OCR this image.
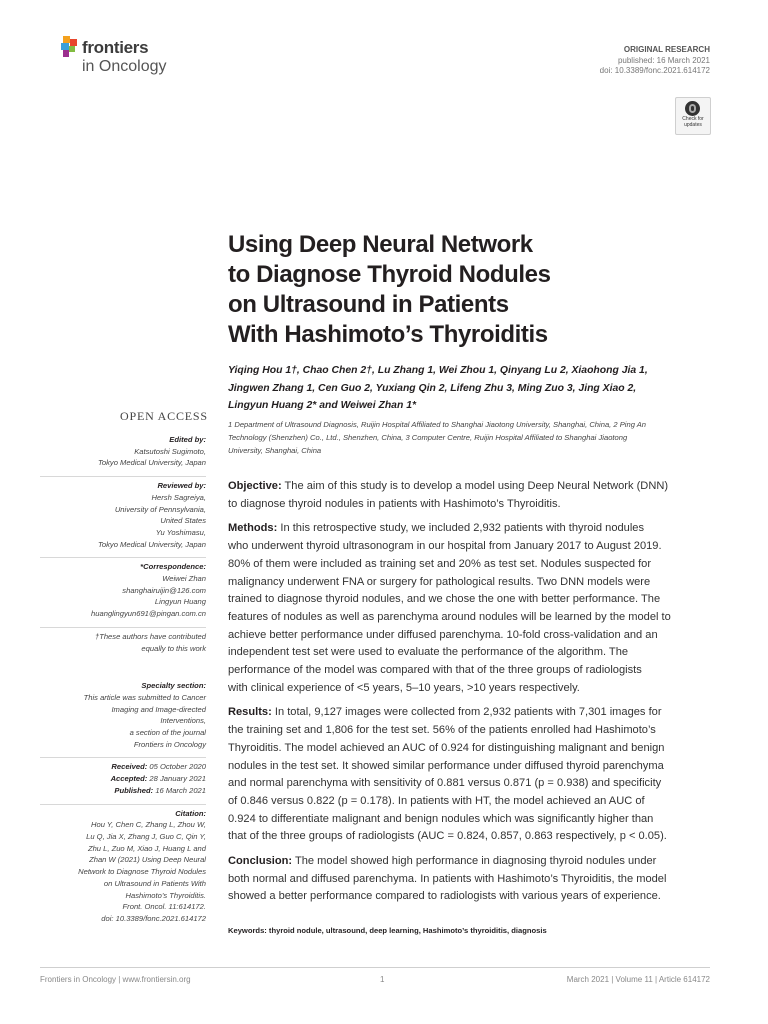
frontiers
in Oncology
ORIGINAL RESEARCH
published: 16 March 2021
doi: 10.3389/fonc.2021.614172
Check for updates
Using Deep Neural Network
to Diagnose Thyroid Nodules
on Ultrasound in Patients
With Hashimoto’s Thyroiditis
Yiqing Hou 1†, Chao Chen 2†, Lu Zhang 1, Wei Zhou 1, Qinyang Lu 2, Xiaohong Jia 1,
Jingwen Zhang 1, Cen Guo 2, Yuxiang Qin 2, Lifeng Zhu 3, Ming Zuo 3, Jing Xiao 2,
Lingyun Huang 2* and Weiwei Zhan 1*
1 Department of Ultrasound Diagnosis, Ruijin Hospital Affiliated to Shanghai Jiaotong University, Shanghai, China, 2 Ping An
Technology (Shenzhen) Co., Ltd., Shenzhen, China, 3 Computer Centre, Ruijin Hospital Affiliated to Shanghai Jiaotong
University, Shanghai, China
OPEN ACCESS
Edited by:
Katsutoshi Sugimoto,
Tokyo Medical University, Japan
Reviewed by:
Hersh Sagreiya,
University of Pennsylvania,
United States
Yu Yoshimasu,
Tokyo Medical University, Japan
*Correspondence:
Weiwei Zhan
shanghairuijin@126.com
Lingyun Huang
huanglingyun691@pingan.com.cn
†These authors have contributed
equally to this work
Specialty section:
This article was submitted to Cancer
Imaging and Image-directed
Interventions,
a section of the journal
Frontiers in Oncology
Received: 05 October 2020
Accepted: 28 January 2021
Published: 16 March 2021
Citation:
Hou Y, Chen C, Zhang L, Zhou W,
Lu Q, Jia X, Zhang J, Guo C, Qin Y,
Zhu L, Zuo M, Xiao J, Huang L and
Zhan W (2021) Using Deep Neural
Network to Diagnose Thyroid Nodules
on Ultrasound in Patients With
Hashimoto’s Thyroiditis.
Front. Oncol. 11:614172.
doi: 10.3389/fonc.2021.614172

Objective: The aim of this study is to develop a model using Deep Neural Network (DNN)
to diagnose thyroid nodules in patients with Hashimoto’s Thyroiditis.

Methods: In this retrospective study, we included 2,932 patients with thyroid nodules
who underwent thyroid ultrasonogram in our hospital from January 2017 to August 2019.
80% of them were included as training set and 20% as test set. Nodules suspected for
malignancy underwent FNA or surgery for pathological results. Two DNN models were
trained to diagnose thyroid nodules, and we chose the one with better performance. The
features of nodules as well as parenchyma around nodules will be learned by the model to
achieve better performance under diffused parenchyma. 10-fold cross-validation and an
independent test set were used to evaluate the performance of the algorithm. The
performance of the model was compared with that of the three groups of radiologists
with clinical experience of <5 years, 5–10 years, >10 years respectively.

Results: In total, 9,127 images were collected from 2,932 patients with 7,301 images for
the training set and 1,806 for the test set. 56% of the patients enrolled had Hashimoto’s
Thyroiditis. The model achieved an AUC of 0.924 for distinguishing malignant and benign
nodules in the test set. It showed similar performance under diffused thyroid parenchyma
and normal parenchyma with sensitivity of 0.881 versus 0.871 (p = 0.938) and specificity
of 0.846 versus 0.822 (p = 0.178). In patients with HT, the model achieved an AUC of
0.924 to differentiate malignant and benign nodules which was significantly higher than
that of the three groups of radiologists (AUC = 0.824, 0.857, 0.863 respectively, p < 0.05).

Conclusion: The model showed high performance in diagnosing thyroid nodules under
both normal and diffused parenchyma. In patients with Hashimoto’s Thyroiditis, the model
showed a better performance compared to radiologists with various years of experience.

Keywords: thyroid nodule, ultrasound, deep learning, Hashimoto’s thyroiditis, diagnosis
Frontiers in Oncology | www.frontiersin.org	1	March 2021 | Volume 11 | Article 614172
